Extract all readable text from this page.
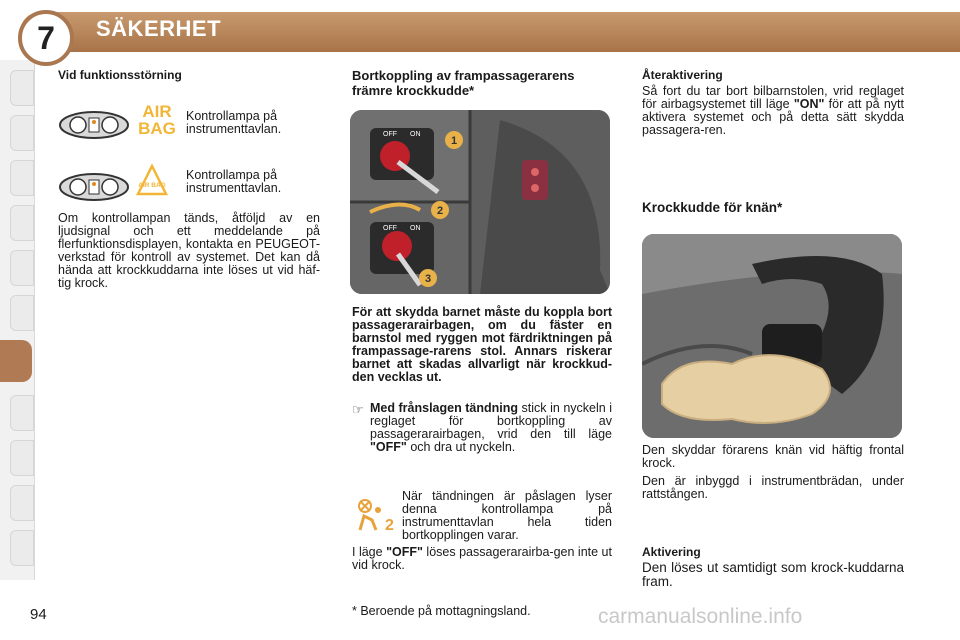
7	SÄKERHET
Vid funktionsstörning
AIR
BAG
Kontrollampa på instrumenttavlan.
AIR BAG
Kontrollampa på instrumenttavlan.
Om kontrollampan tänds, åtföljd av en ljudsignal och ett meddelande på flerfunktionsdisplayen, kontakta en PEUGEOT-verkstad för kontroll av systemet. Det kan då hända att krockkuddarna inte löses ut vid häf-tig krock.
Bortkoppling av frampassagerarens främre krockkudde*
OFF ON
1
OFF ON
2
3
För att skydda barnet måste du koppla bort passagerarairbagen, om du fäster en barnstol med ryggen mot färdriktningen på frampassage-rarens stol. Annars riskerar barnet att skadas allvarligt när krockkud-den vecklas ut.
☞ Med frånslagen tändning stick in nyckeln i reglaget för bortkoppling av passagerarairbagen, vrid den till läge "OFF" och dra ut nyckeln.
2
När tändningen är påslagen lyser denna kontrollampa på instrumenttavlan hela tiden bortkopplingen varar.
I läge "OFF" löses passagerarairba-gen inte ut vid krock.
Återaktivering
Så fort du tar bort bilbarnstolen, vrid reglaget för airbagsystemet till läge "ON" för att på nytt aktivera systemet och på detta sätt skydda passagera-ren.
Krockkudde för knän*
Den skyddar förarens knän vid häftig frontal krock.
Den är inbyggd i instrumentbrädan, under rattstången.
Aktivering
Den löses ut samtidigt som krock-kuddarna fram.
94	* Beroende på mottagningsland.	carmanualsonline.info
